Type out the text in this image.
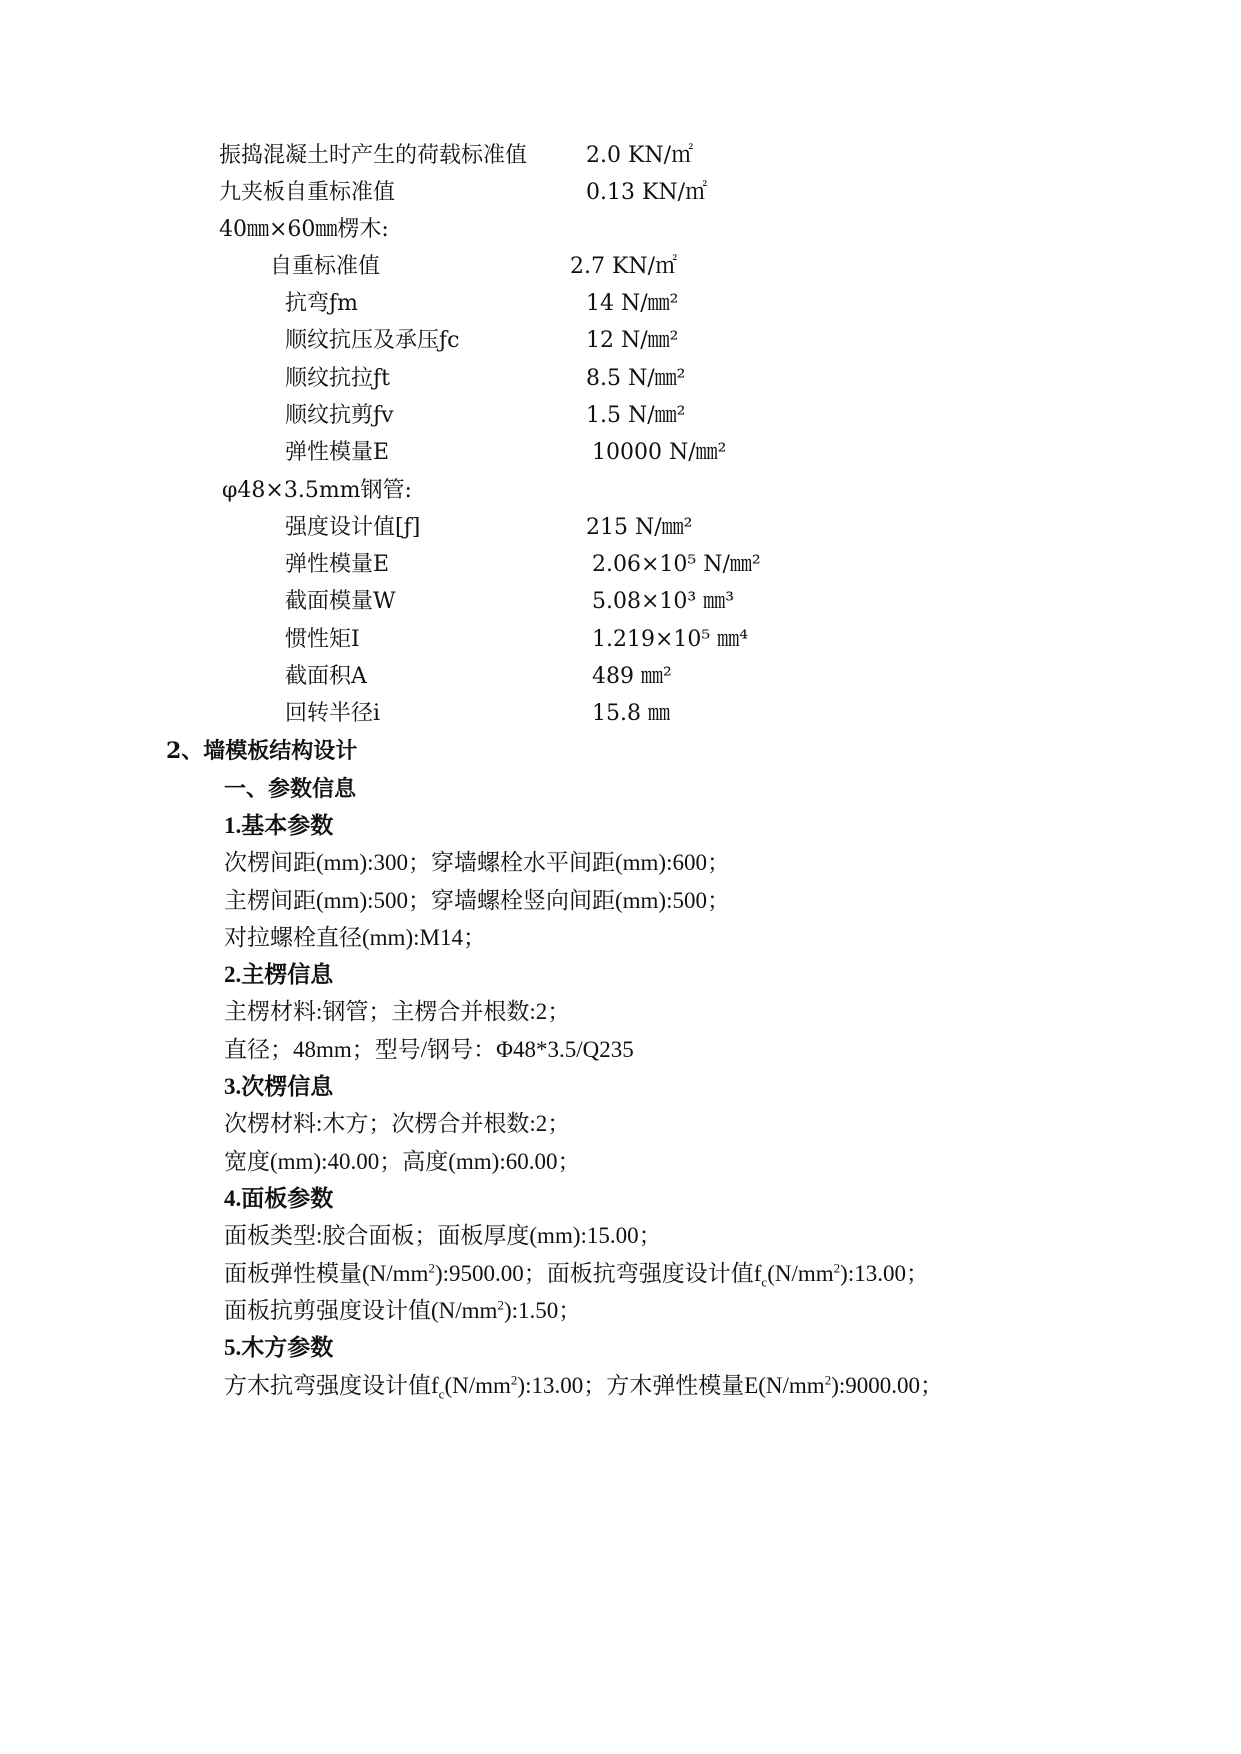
振捣混凝土时产生的荷载标准值	2.0 KN/㎡
九夹板自重标准值	0.13 KN/㎡
40㎜×60㎜楞木:
自重标准值	2.7 KN/㎡
抗弯ƒm	14 N/㎜²
顺纹抗压及承压ƒc	12 N/㎜²
顺纹抗拉ƒt	8.5 N/㎜²
顺纹抗剪ƒv	1.5 N/㎜²
弹性模量E	10000 N/㎜²
φ48×3.5mm钢管:
强度设计值[ƒ]	215 N/㎜²
弹性模量E	2.06×10⁵ N/㎜²
截面模量W	5.08×10³ ㎜³
惯性矩I	1.219×10⁵ ㎜⁴
截面积A	489 ㎜²
回转半径i	15.8 ㎜
2、墙模板结构设计
一、参数信息
1.基本参数
次楞间距(mm):300；穿墙螺栓水平间距(mm):600；
主楞间距(mm):500；穿墙螺栓竖向间距(mm):500；
对拉螺栓直径(mm):M14；
2.主楞信息
主楞材料:钢管；主楞合并根数:2；
直径；48mm；型号/钢号：Φ48*3.5/Q235
3.次楞信息
次楞材料:木方；次楞合并根数:2；
宽度(mm):40.00；高度(mm):60.00；
4.面板参数
面板类型:胶合面板；面板厚度(mm):15.00；
面板弹性模量$(N/mm^2):9500.00$；面板抗弯强度设计值$f_c(N/mm^2):13.00$；
面板抗剪强度设计值$(N/mm^2):1.50$；
5.木方参数
方木抗弯强度设计值$f_c(N/mm^2):13.00$；方木弹性模量$E(N/mm^2):9000.00$；
